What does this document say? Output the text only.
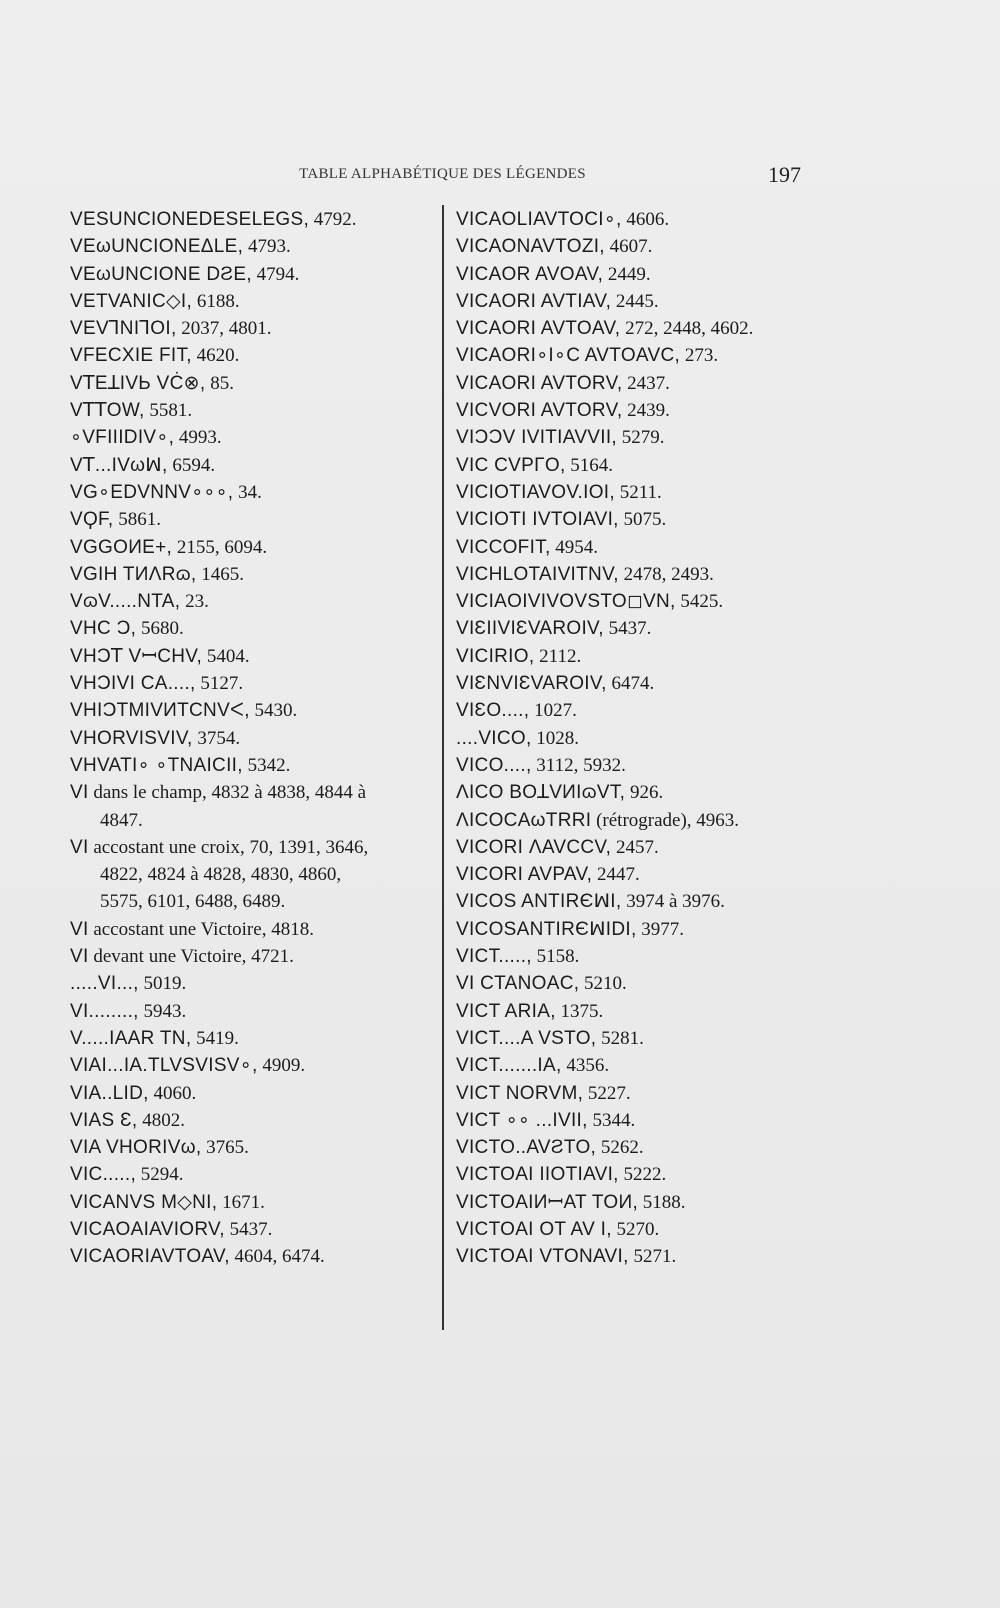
TABLE ALPHABÉTIQUE DES LÉGENDES	197
VESUNCIONEDESELEGS, 4792.
VEωUNCIONEΔLE, 4793.
VEωUNCIONE DƧE, 4794.
VETVANIC◇I, 6188.
VEVꓶNIꓶOI, 2037, 4801.
VFECXIE FIT, 4620.
VꓔEꓕIVЬ VĊ⊗, 85.
VꓔꓔOW, 5581.
∘VFIIIDIV∘, 4993.
Vꓔ...IVωꟽ, 6594.
VG∘EDVNNV∘∘∘, 34.
VϘF, 5861.
VGGOИE+, 2155, 6094.
VGIH TИΛRɷ, 1465.
VɷV.....NTA, 23.
VHC Ɔ, 5680.
VHƆꓔ VꟷCHV, 5404.
VHƆIVI CA...., 5127.
VHIƆTMIVИTCNVᐸ, 5430.
VHORVISVIV, 3754.
VHVATI∘ ∘TNAICII, 5342.
VI dans le champ, 4832 à 4838, 4844 à
4847.
VI accostant une croix, 70, 1391, 3646,
4822, 4824 à 4828, 4830, 4860,
5575, 6101, 6488, 6489.
VI accostant une Victoire, 4818.
VI devant une Victoire, 4721.
.....VI..., 5019.
VI........, 5943.
V.....IAAR TN, 5419.
VIAI...IA.TLVSVISV∘, 4909.
VIA..LID, 4060.
VIAS Ɛ, 4802.
VIA VHORIVω, 3765.
VIC....., 5294.
VICANVS M◇NI, 1671.
VICAOAIAVIORV, 5437.
VICAORIAVTOAV, 4604, 6474.
VICAOLIAVTOCI∘, 4606.
VICAONAVTOZI, 4607.
VICAOR AVOAV, 2449.
VICAORI AVTIAV, 2445.
VICAORI AVTOAV, 272, 2448, 4602.
VICAORI∘I∘C AVTOAVC, 273.
VICAORI AVTORV, 2437.
VICVORI AVTORV, 2439.
VIƆƆV IVITIAVVII, 5279.
VIC CVPΓO, 5164.
VICIOTIAVOV.IOI, 5211.
VICIOTI IVTOIAVI, 5075.
VICCOFIT, 4954.
VICHLOTAIVITNV, 2478, 2493.
VICIAOIVIVOVSTO◻VN, 5425.
VIƐIIVIƐVAROIV, 5437.
VICIRIO, 2112.
VIƐNVIƐVAROIV, 6474.
VIƐO...., 1027.
....VICO, 1028.
VICO...., 3112, 5932.
ΛICO BOꓕVИIɷVT, 926.
ΛICOCAωTRRI (rétrograde), 4963.
VICORI ΛAVCCV, 2457.
VICORI AVPAV, 2447.
VICOS ANTIRЄꟽI, 3974 à 3976.
VICOSANTIRЄꟽIDI, 3977.
VICT....., 5158.
VI CTANOAC, 5210.
VICT ARIA, 1375.
VICT....A VSTO, 5281.
VICT.......IA, 4356.
VICT NORVM, 5227.
VICT ∘∘ ...IVII, 5344.
VICTO..AVƧTO, 5262.
VICTOAI IIOTIAVI, 5222.
VICTOAIИꟷAT TOИ, 5188.
VICTOAI OT AV I, 5270.
VICTOAI VTONAVI, 5271.
